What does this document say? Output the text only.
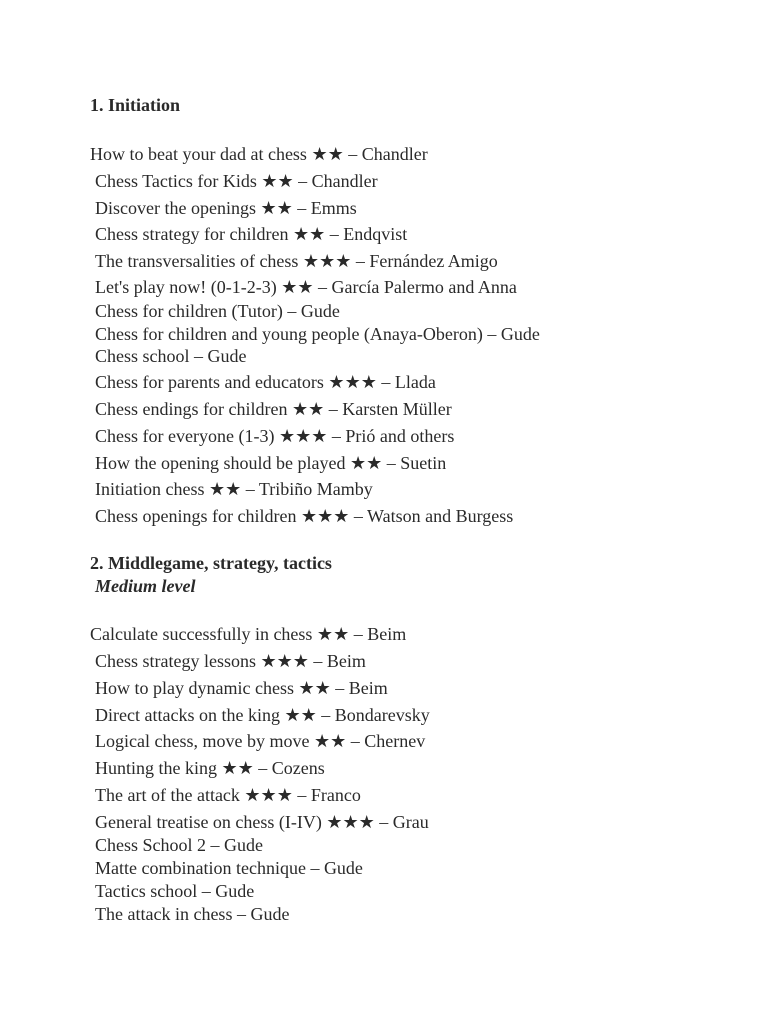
1. Initiation
How to beat your dad at chess ★★ – Chandler
Chess Tactics for Kids ★★ – Chandler
Discover the openings ★★ – Emms
Chess strategy for children ★★ – Endqvist
The transversalities of chess ★★★ – Fernández Amigo
Let's play now! (0-1-2-3) ★★ – García Palermo and Anna
Chess for children (Tutor) – Gude
Chess for children and young people (Anaya-Oberon) – Gude
Chess school – Gude
Chess for parents and educators ★★★ – Llada
Chess endings for children ★★ – Karsten Müller
Chess for everyone (1-3) ★★★ – Prió and others
How the opening should be played ★★ – Suetin
Initiation chess ★★ – Tribiño Mamby
Chess openings for children ★★★ – Watson and Burgess
2. Middlegame, strategy, tactics
Medium level
Calculate successfully in chess ★★ – Beim
Chess strategy lessons ★★★ – Beim
How to play dynamic chess ★★ – Beim
Direct attacks on the king ★★ – Bondarevsky
Logical chess, move by move ★★ – Chernev
Hunting the king ★★ – Cozens
The art of the attack ★★★ – Franco
General treatise on chess (I-IV) ★★★ – Grau
Chess School 2 – Gude
Matte combination technique – Gude
Tactics school – Gude
The attack in chess – Gude
